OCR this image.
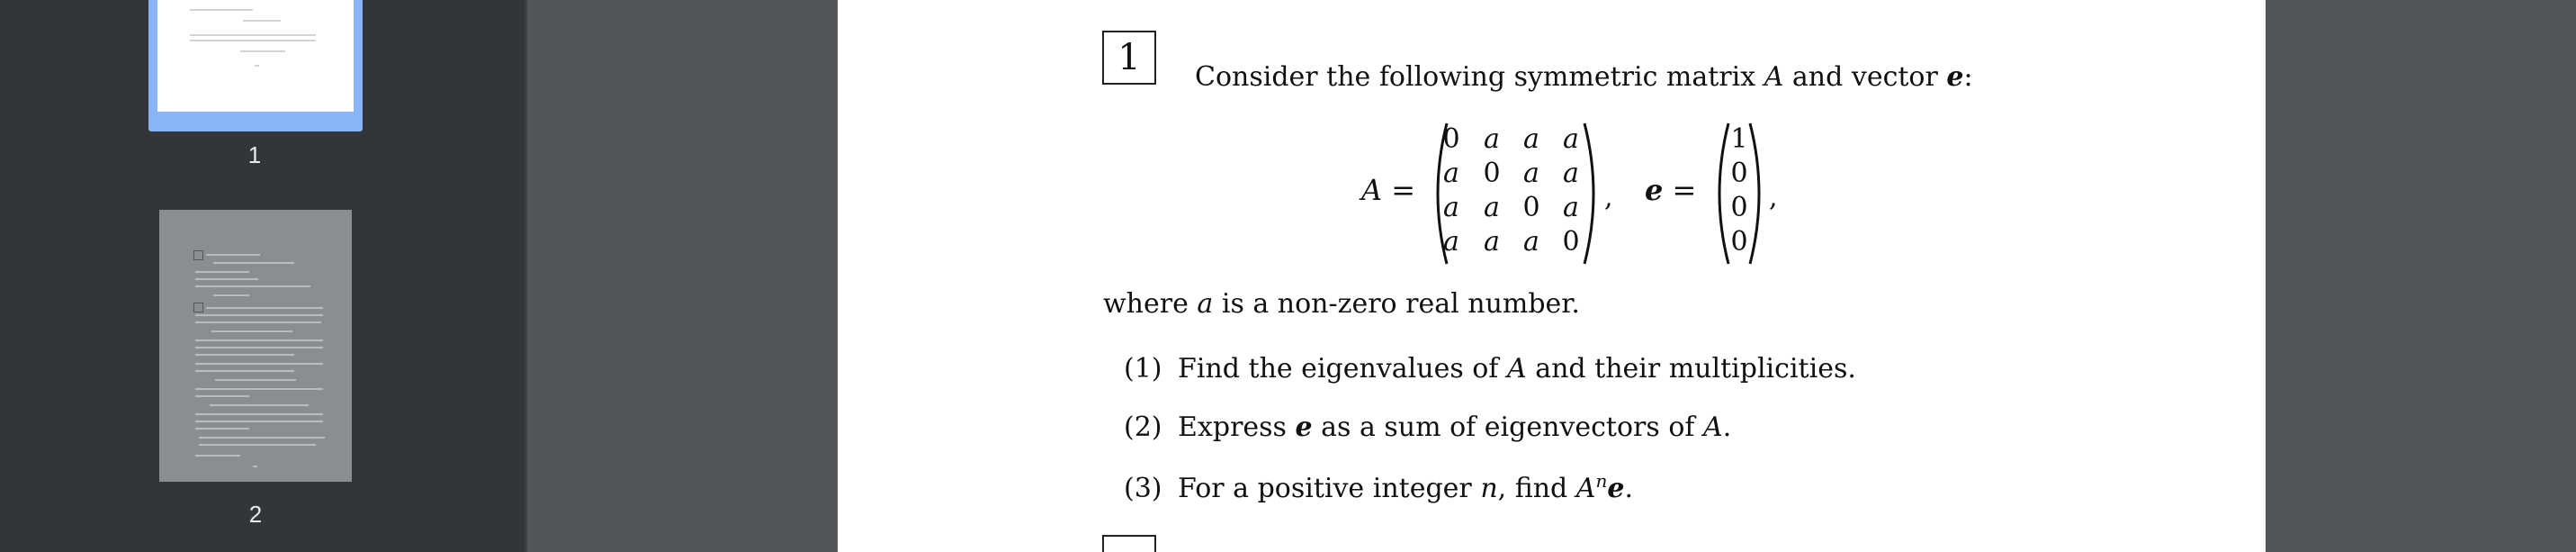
1
2
1	Consider the following symmetric matrix A and vector e:
A =	, e =	,
where a is a non-zero real number.
(1) Find the eigenvalues of A and their multiplicities.
(2) Express e as a sum of eigenvectors of A.
(3) For a positive integer n, find $A^ne$.
0 a a a
a 0 a a
a a 0 a
a a a 0
1
0
0
0
